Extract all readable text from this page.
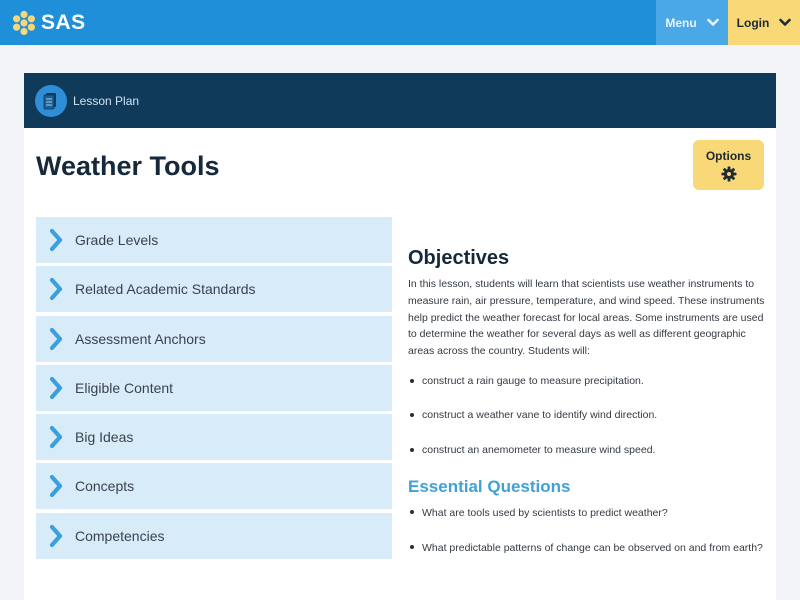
SAS	Menu	Login
Lesson Plan
Weather Tools	Options
Grade Levels
Related Academic Standards
Assessment Anchors
Eligible Content
Big Ideas
Concepts
Competencies
Objectives

In this lesson, students will learn that scientists use weather instruments to measure rain, air pressure, temperature, and wind speed. These instruments help predict the weather forecast for local areas. Some instruments are used to determine the weather for several days as well as different geographic areas across the country. Students will:

construct a rain gauge to measure precipitation.
construct a weather vane to identify wind direction.
construct an anemometer to measure wind speed.
Essential Questions
What are tools used by scientists to predict weather?
What predictable patterns of change can be observed on and from earth?
